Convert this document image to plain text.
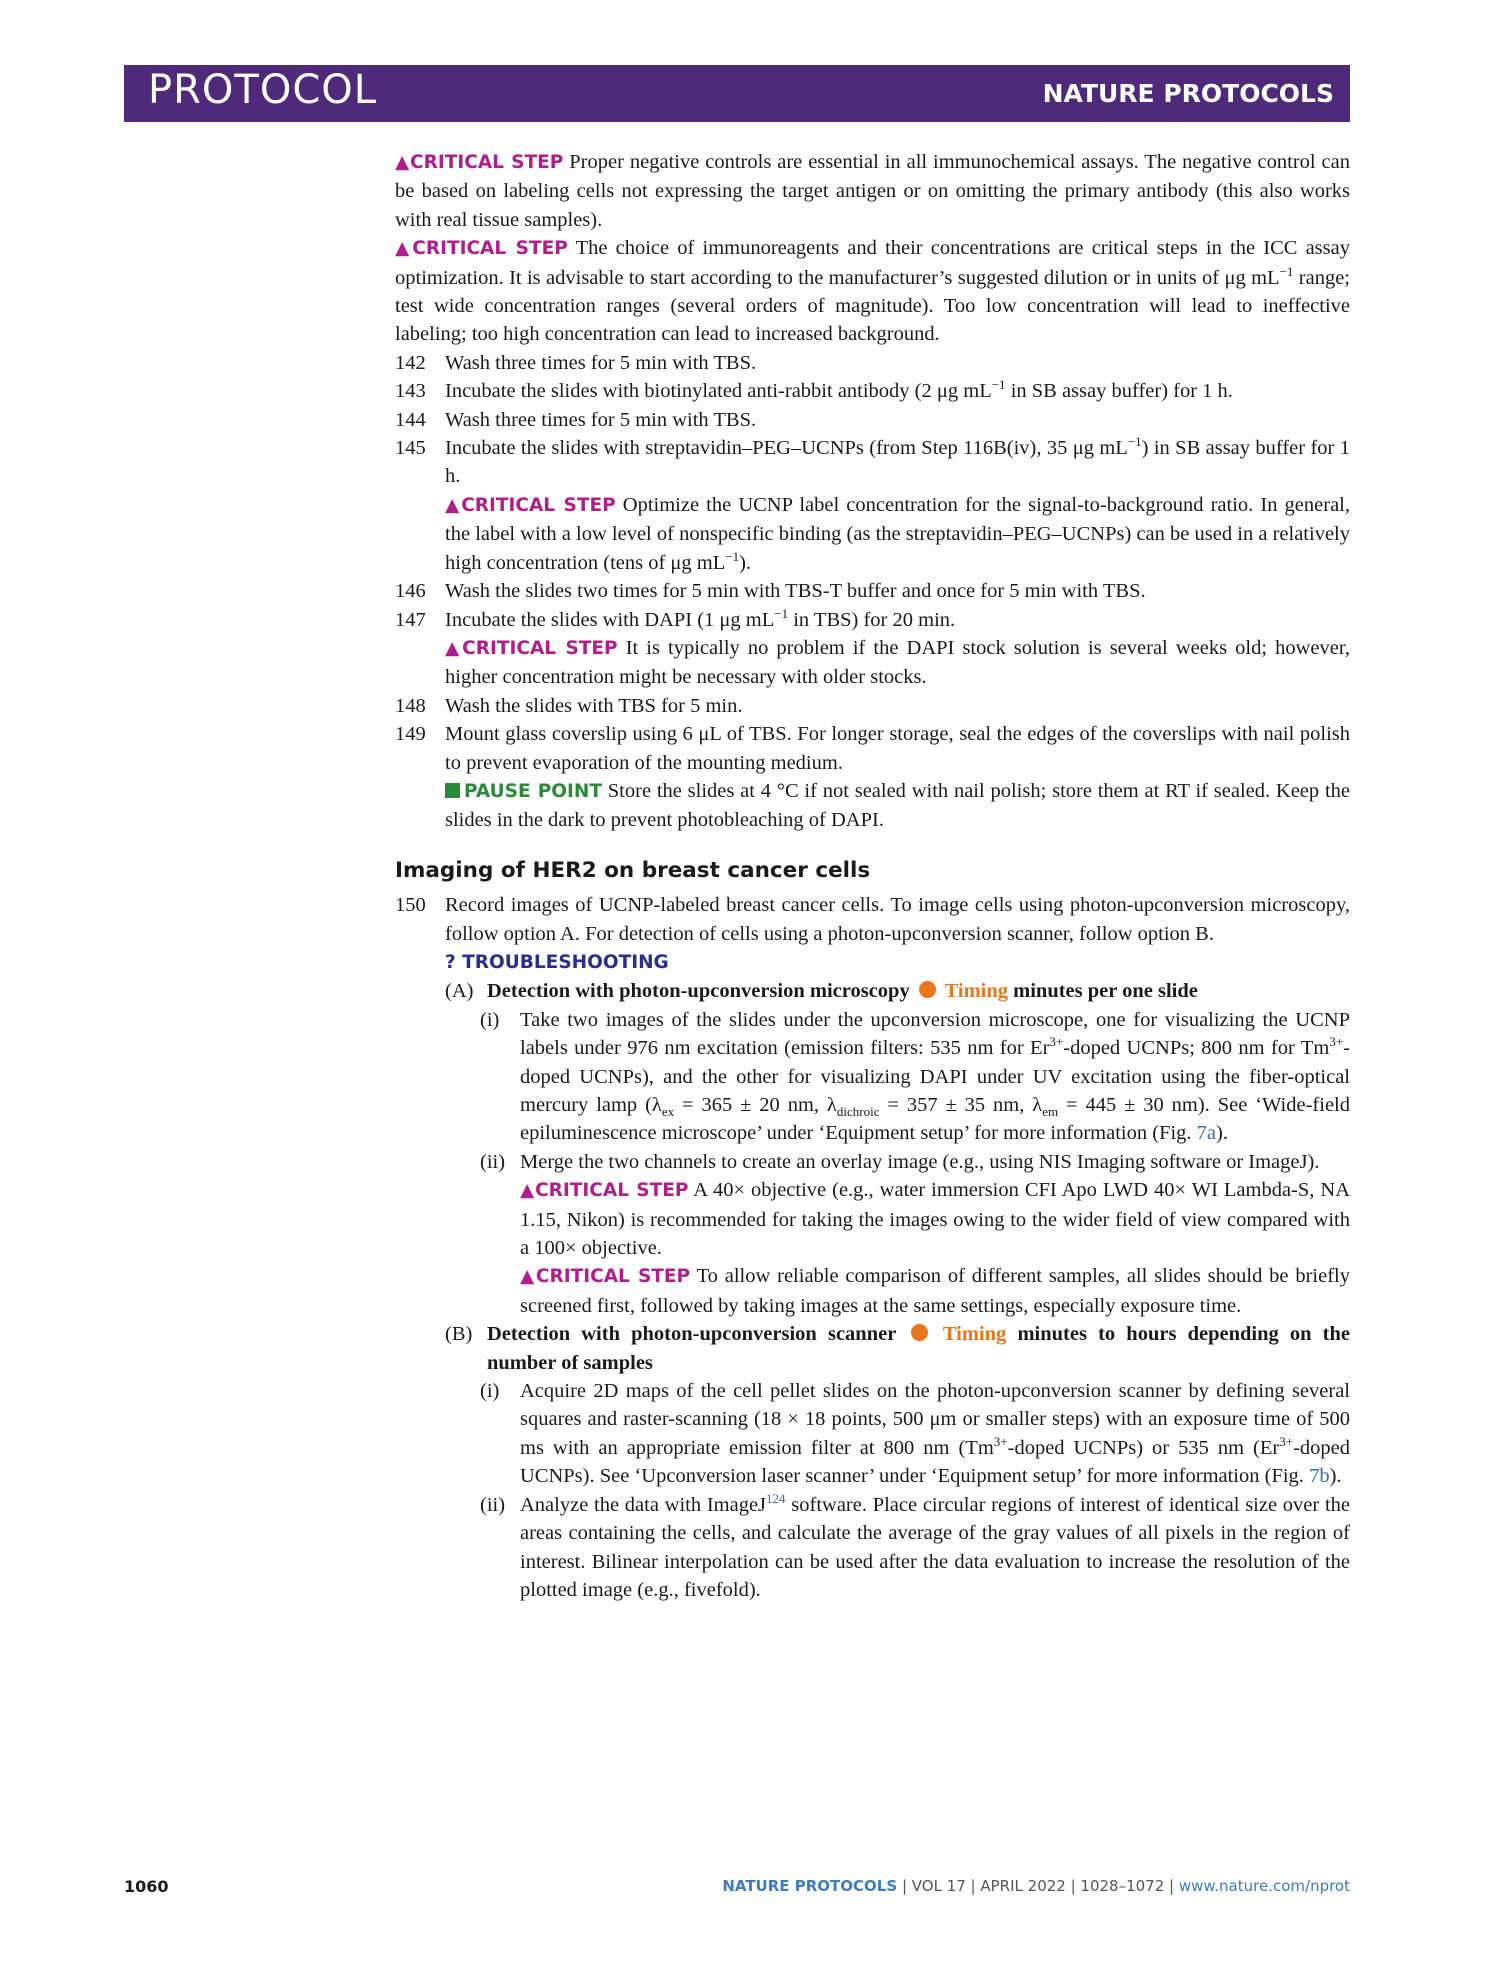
PROTOCOL	NATURE PROTOCOLS

▲CRITICAL STEP Proper negative controls are essential in all immunochemical assays. The negative control can be based on labeling cells not expressing the target antigen or on omitting the primary antibody (this also works with real tissue samples).

▲CRITICAL STEP The choice of immunoreagents and their concentrations are critical steps in the ICC assay optimization. It is advisable to start according to the manufacturer’s suggested dilution or in units of μg $mL^{-1}$ range; test wide concentration ranges (several orders of magnitude). Too low concentration will lead to ineffective labeling; too high concentration can lead to increased background.

142 Wash three times for 5 min with TBS.

143 Incubate the slides with biotinylated anti-rabbit antibody (2 μg $mL^{-1}$ in SB assay buffer) for 1 h.

144 Wash three times for 5 min with TBS.

145 Incubate the slides with streptavidin–PEG–UCNPs (from Step 116B(iv), 35 μg $mL^{-1}$) in SB assay buffer for 1 h.

▲CRITICAL STEP Optimize the UCNP label concentration for the signal-to-background ratio. In general, the label with a low level of nonspecific binding (as the streptavidin–PEG–UCNPs) can be used in a relatively high concentration (tens of μg $mL^{-1}$).

146 Wash the slides two times for 5 min with TBS-T buffer and once for 5 min with TBS.

147 Incubate the slides with DAPI (1 μg $mL^{-1}$ in TBS) for 20 min.

▲CRITICAL STEP It is typically no problem if the DAPI stock solution is several weeks old; however, higher concentration might be necessary with older stocks.

148 Wash the slides with TBS for 5 min.

149 Mount glass coverslip using 6 μL of TBS. For longer storage, seal the edges of the coverslips with nail polish to prevent evaporation of the mounting medium.

PAUSE POINT Store the slides at 4 °C if not sealed with nail polish; store them at RT if sealed. Keep the slides in the dark to prevent photobleaching of DAPI.

Imaging of HER2 on breast cancer cells

150 Record images of UCNP-labeled breast cancer cells. To image cells using photon-upconversion microscopy, follow option A. For detection of cells using a photon-upconversion scanner, follow option B.

? TROUBLESHOOTING

(A) Detection with photon-upconversion microscopy Timing minutes per one slide

(i) Take two images of the slides under the upconversion microscope, one for visualizing the UCNP labels under 976 nm excitation (emission filters: 535 nm for $Er^{3+}$-doped UCNPs; 800 nm for $Tm^{3+}$-doped UCNPs), and the other for visualizing DAPI under UV excitation using the fiber-optical mercury lamp ($\lambda_{ex} = 365 \pm 20$ nm, $\lambda_{dichroic} = 357 \pm 35$ nm, $\lambda_{em} = 445 \pm 30$ nm). See ‘Wide-field epiluminescence microscope’ under ‘Equipment setup’ for more information (Fig. 7a).

(ii) Merge the two channels to create an overlay image (e.g., using NIS Imaging software or ImageJ).

▲CRITICAL STEP A 40× objective (e.g., water immersion CFI Apo LWD 40× WI Lambda-S, NA 1.15, Nikon) is recommended for taking the images owing to the wider field of view compared with a 100× objective.

▲CRITICAL STEP To allow reliable comparison of different samples, all slides should be briefly screened first, followed by taking images at the same settings, especially exposure time.

(B) Detection with photon-upconversion scanner Timing minutes to hours depending on the number of samples

(i) Acquire 2D maps of the cell pellet slides on the photon-upconversion scanner by defining several squares and raster-scanning (18 × 18 points, 500 μm or smaller steps) with an exposure time of 500 ms with an appropriate emission filter at 800 nm ($Tm^{3+}$-doped UCNPs) or 535 nm ($Er^{3+}$-doped UCNPs). See ‘Upconversion laser scanner’ under ‘Equipment setup’ for more information (Fig. 7b).

(ii) Analyze the data with ImageJ$^{124}$ software. Place circular regions of interest of identical size over the areas containing the cells, and calculate the average of the gray values of all pixels in the region of interest. Bilinear interpolation can be used after the data evaluation to increase the resolution of the plotted image (e.g., fivefold).

1060	NATURE PROTOCOLS | VOL 17 | APRIL 2022 | 1028–1072 | www.nature.com/nprot
